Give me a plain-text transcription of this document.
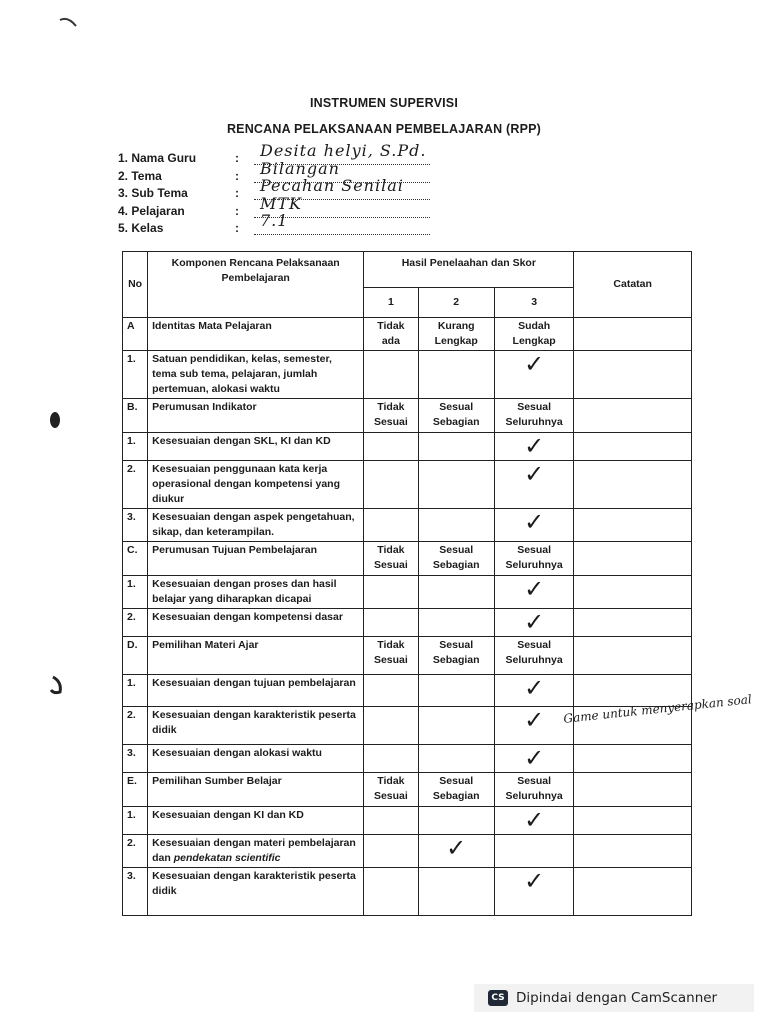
INSTRUMEN SUPERVISI
RENCANA PELAKSANAAN PEMBELAJARAN (RPP)
1. Nama Guru	: Desita helyi, S.Pd.
2. Tema	: Bilangan
3. Sub Tema	: Pecahan Senilai
4. Pelajaran	: MTK
5. Kelas	: 7.1
No	Komponen Rencana Pelaksanaan Pembelajaran	Hasil Penelaahan dan Skor			Catatan
		1	2	3	
A	Identitas Mata Pelajaran	Tidak ada	Kurang Lengkap	Sudah Lengkap	
1.	Satuan pendidikan, kelas, semester, tema sub tema, pelajaran, jumlah pertemuan, alokasi waktu			✓	
B.	Perumusan Indikator	Tidak Sesuai	Sesual Sebagian	Sesual Seluruhnya	
1.	Kesesuaian dengan SKL, KI dan KD			✓	
2.	Kesesuaian penggunaan kata kerja operasional dengan kompetensi yang diukur			✓	
3.	Kesesuaian dengan aspek pengetahuan, sikap, dan keterampilan.			✓	
C.	Perumusan Tujuan Pembelajaran	Tidak Sesuai	Sesual Sebagian	Sesual Seluruhnya	
1.	Kesesuaian dengan proses dan hasil belajar yang diharapkan dicapai			✓	
2.	Kesesuaian dengan kompetensi dasar			✓	
D.	Pemilihan Materi Ajar	Tidak Sesuai	Sesual Sebagian	Sesual Seluruhnya	
1.	Kesesuaian dengan tujuan pembelajaran			✓	
2.	Kesesuaian dengan karakteristik peserta didik			✓	
3.	Kesesuaian dengan alokasi waktu			✓	
E.	Pemilihan Sumber Belajar	Tidak Sesuai	Sesual Sebagian	Sesual Seluruhnya	
1.	Kesesuaian dengan KI dan KD			✓	
2.	Kesesuaian dengan materi pembelajaran dan pendekatan scientific		✓		
3.	Kesesuaian dengan karakteristik peserta didik			✓	
Game untuk menyerapkan soal
CS Dipindai dengan CamScanner
